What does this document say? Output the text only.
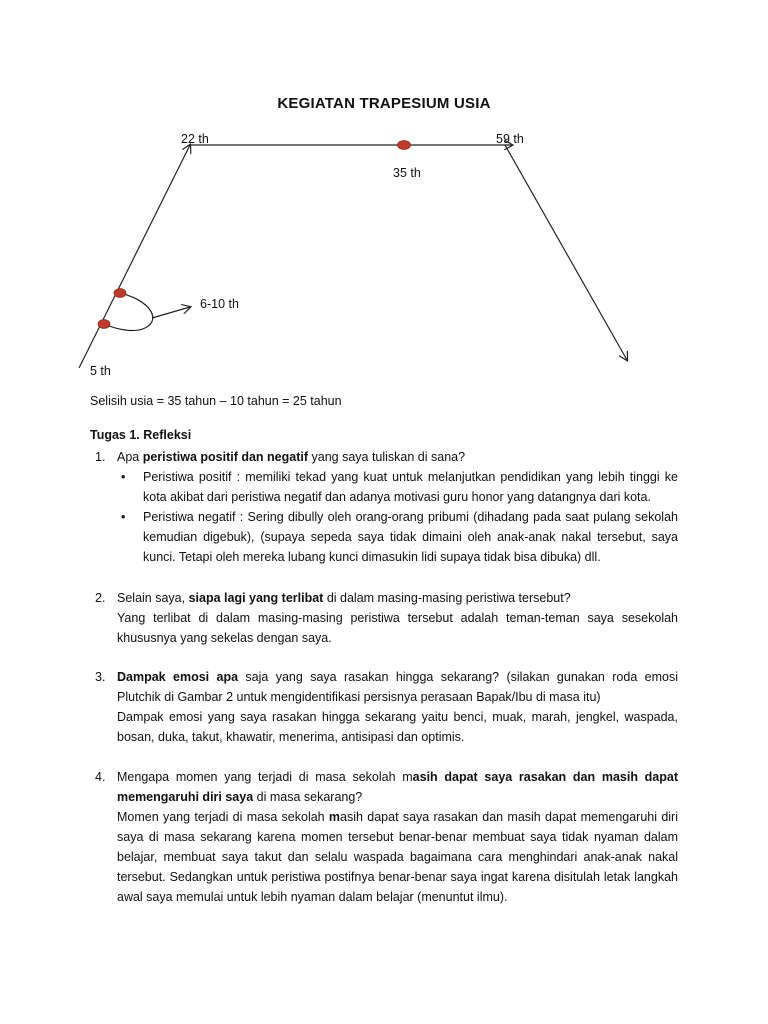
KEGIATAN TRAPESIUM USIA
22 th	59 th
35 th
6-10 th
5 th
Selisih usia = 35 tahun – 10 tahun = 25 tahun
Tugas 1. Refleksi
1. Apa peristiwa positif dan negatif yang saya tuliskan di sana?
• Peristiwa positif : memiliki tekad yang kuat untuk melanjutkan pendidikan yang lebih tinggi ke kota akibat dari peristiwa negatif dan adanya motivasi guru honor yang datangnya dari kota.
• Peristiwa negatif : Sering dibully oleh orang-orang pribumi (dihadang pada saat pulang sekolah kemudian digebuk), (supaya sepeda saya tidak dimaini oleh anak-anak nakal tersebut, saya kunci. Tetapi oleh mereka lubang kunci dimasukin lidi supaya tidak bisa dibuka) dll.
2. Selain saya, siapa lagi yang terlibat di dalam masing-masing peristiwa tersebut?
Yang terlibat di dalam masing-masing peristiwa tersebut adalah teman-teman saya sesekolah khususnya yang sekelas dengan saya.
3. Dampak emosi apa saja yang saya rasakan hingga sekarang? (silakan gunakan roda emosi Plutchik di Gambar 2 untuk mengidentifikasi persisnya perasaan Bapak/Ibu di masa itu)
Dampak emosi yang saya rasakan hingga sekarang yaitu benci, muak, marah, jengkel, waspada, bosan, duka, takut, khawatir, menerima, antisipasi dan optimis.
4. Mengapa momen yang terjadi di masa sekolah masih dapat saya rasakan dan masih dapat memengaruhi diri saya di masa sekarang?
Momen yang terjadi di masa sekolah masih dapat saya rasakan dan masih dapat memengaruhi diri saya di masa sekarang karena momen tersebut benar-benar membuat saya tidak nyaman dalam belajar, membuat saya takut dan selalu waspada bagaimana cara menghindari anak-anak nakal tersebut. Sedangkan untuk peristiwa postifnya benar-benar saya ingat karena disitulah letak langkah awal saya memulai untuk lebih nyaman dalam belajar (menuntut ilmu).
